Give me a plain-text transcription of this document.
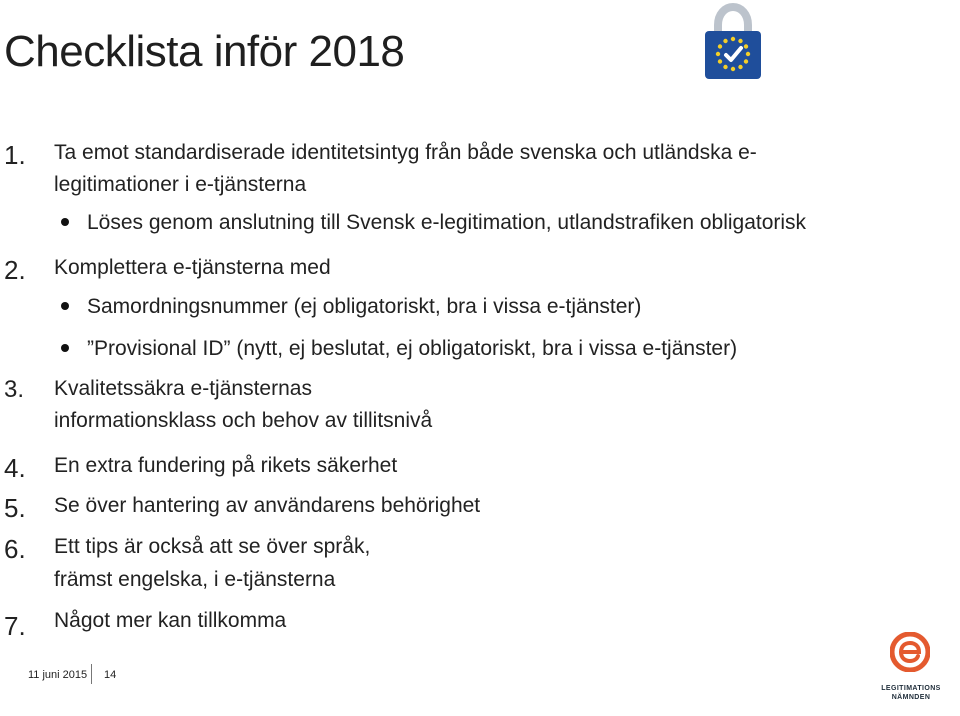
Checklista inför 2018
1. Ta emot standardiserade identitetsintyg från både svenska och utländska e-
legitimationer i e-tjänsterna
Löses genom anslutning till Svensk e-legitimation, utlandstrafiken obligatorisk
2. Komplettera e-tjänsterna med
Samordningsnummer (ej obligatoriskt, bra i vissa e-tjänster)
”Provisional ID” (nytt, ej beslutat, ej obligatoriskt, bra i vissa e-tjänster)
3. Kvalitetssäkra e-tjänsternas
informationsklass och behov av tillitsnivå
4. En extra fundering på rikets säkerhet
5. Se över hantering av användarens behörighet
6. Ett tips är också att se över språk,
främst engelska, i e-tjänsterna
7. Något mer kan tillkomma
11 juni 2015 14
LEGITIMATIONS
NÄMNDEN
